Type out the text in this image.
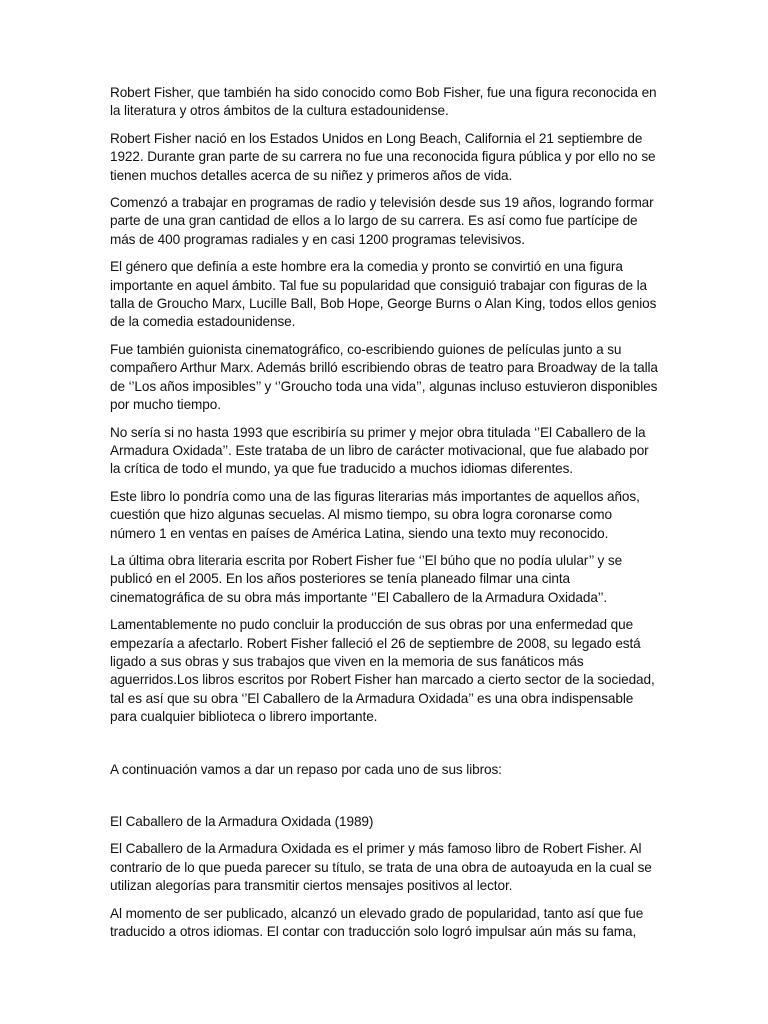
Robert Fisher, que también ha sido conocido como Bob Fisher, fue una figura reconocida en la literatura y otros ámbitos de la cultura estadounidense.

Robert Fisher nació en los Estados Unidos en Long Beach, California el 21 septiembre de 1922. Durante gran parte de su carrera no fue una reconocida figura pública y por ello no se tienen muchos detalles acerca de su niñez y primeros años de vida.

Comenzó a trabajar en programas de radio y televisión desde sus 19 años, logrando formar parte de una gran cantidad de ellos a lo largo de su carrera. Es así como fue partícipe de más de 400 programas radiales y en casi 1200 programas televisivos.

El género que definía a este hombre era la comedia y pronto se convirtió en una figura importante en aquel ámbito. Tal fue su popularidad que consiguió trabajar con figuras de la talla de Groucho Marx, Lucille Ball, Bob Hope, George Burns o Alan King, todos ellos genios de la comedia estadounidense.

Fue también guionista cinematográfico, co-escribiendo guiones de películas junto a su compañero Arthur Marx. Además brilló escribiendo obras de teatro para Broadway de la talla de ‘’Los años imposibles’’ y ‘’Groucho toda una vida’’, algunas incluso estuvieron disponibles por mucho tiempo.

No sería si no hasta 1993 que escribiría su primer y mejor obra titulada ‘’El Caballero de la Armadura Oxidada’’. Este trataba de un libro de carácter motivacional, que fue alabado por la crítica de todo el mundo, ya que fue traducido a muchos idiomas diferentes.

Este libro lo pondría como una de las figuras literarias más importantes de aquellos años, cuestión que hizo algunas secuelas. Al mismo tiempo, su obra logra coronarse como número 1 en ventas en países de América Latina, siendo una texto muy reconocido.

La última obra literaria escrita por Robert Fisher fue ‘’El búho que no podía ulular’’ y se publicó en el 2005. En los años posteriores se tenía planeado filmar una cinta cinematográfica de su obra más importante ‘’El Caballero de la Armadura Oxidada’’.

Lamentablemente no pudo concluir la producción de sus obras por una enfermedad que empezaría a afectarlo. Robert Fisher falleció el 26 de septiembre de 2008, su legado está ligado a sus obras y sus trabajos que viven en la memoria de sus fanáticos más aguerridos.Los libros escritos por Robert Fisher han marcado a cierto sector de la sociedad, tal es así que su obra ‘’El Caballero de la Armadura Oxidada’’ es una obra indispensable para cualquier biblioteca o librero importante.

A continuación vamos a dar un repaso por cada uno de sus libros:

El Caballero de la Armadura Oxidada (1989)

El Caballero de la Armadura Oxidada es el primer y más famoso libro de Robert Fisher. Al contrario de lo que pueda parecer su título, se trata de una obra de autoayuda en la cual se utilizan alegorías para transmitir ciertos mensajes positivos al lector.

Al momento de ser publicado, alcanzó un elevado grado de popularidad, tanto así que fue traducido a otros idiomas. El contar con traducción solo logró impulsar aún más su fama,
